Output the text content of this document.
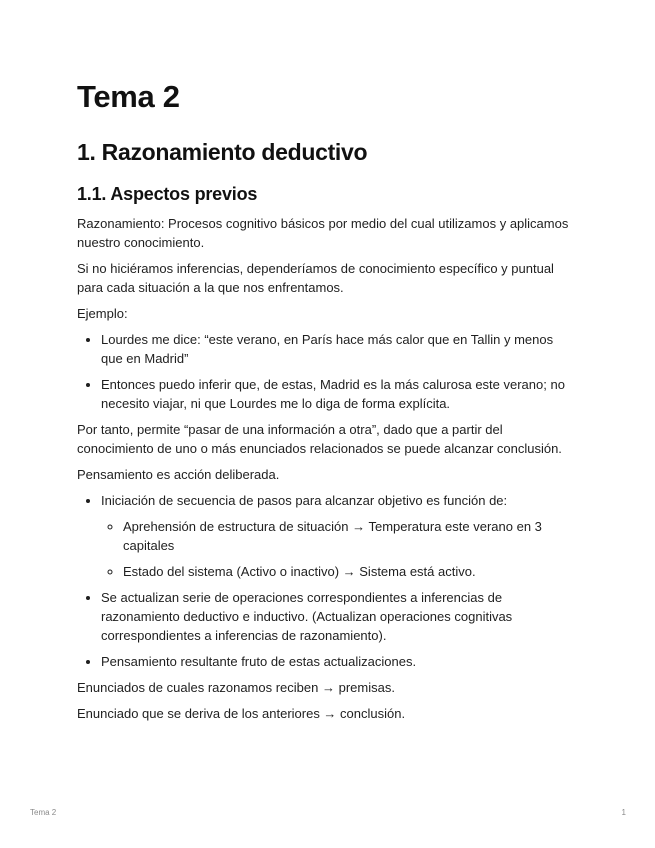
Tema 2
1. Razonamiento deductivo
1.1. Aspectos previos

Razonamiento: Procesos cognitivo básicos por medio del cual utilizamos y aplicamos nuestro conocimiento.

Si no hiciéramos inferencias, dependeríamos de conocimiento específico y puntual para cada situación a la que nos enfrentamos.

Ejemplo:

• Lourdes me dice: “este verano, en París hace más calor que en Tallin y menos que en Madrid”
• Entonces puedo inferir que, de estas, Madrid es la más calurosa este verano; no necesito viajar, ni que Lourdes me lo diga de forma explícita.

Por tanto, permite “pasar de una información a otra”, dado que a partir del conocimiento de uno o más enunciados relacionados se puede alcanzar conclusión.

Pensamiento es acción deliberada.

• Iniciación de secuencia de pasos para alcanzar objetivo es función de:
◦ Aprehensión de estructura de situación → Temperatura este verano en 3 capitales
◦ Estado del sistema (Activo o inactivo) → Sistema está activo.
• Se actualizan serie de operaciones correspondientes a inferencias de razonamiento deductivo e inductivo. (Actualizan operaciones cognitivas correspondientes a inferencias de razonamiento).
• Pensamiento resultante fruto de estas actualizaciones.

Enunciados de cuales razonamos reciben → premisas.

Enunciado que se deriva de los anteriores → conclusión.

Tema 2	1
